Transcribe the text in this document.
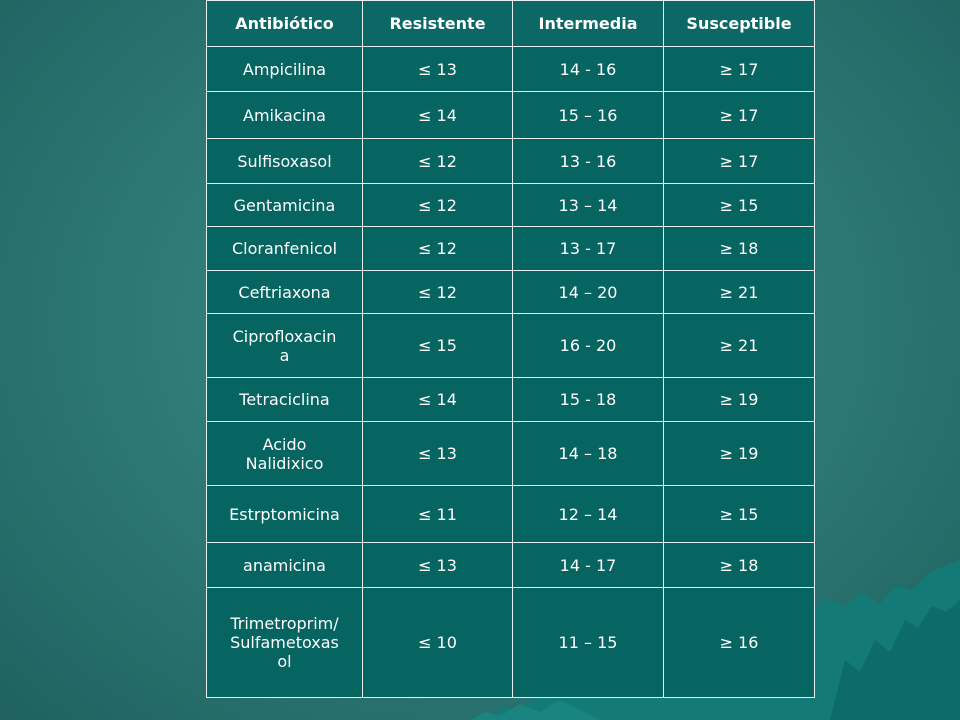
Antibiótico	Resistente	Intermedia	Susceptible
Ampicilina	≤ 13	14 - 16	≥ 17
Amikacina	≤ 14	15 – 16	≥ 17
Sulfisoxasol	≤ 12	13 - 16	≥ 17
Gentamicina	≤ 12	13 – 14	≥ 15
Cloranfenicol	≤ 12	13 - 17	≥ 18
Ceftriaxona	≤ 12	14 – 20	≥ 21
Ciprofloxacin
a	≤ 15	16 - 20	≥ 21
Tetraciclina	≤ 14	15 - 18	≥ 19
Acido
Nalidixico	≤ 13	14 – 18	≥ 19
Estrptomicina	≤ 11	12 – 14	≥ 15
anamicina	≤ 13	14 - 17	≥ 18
Trimetroprim/
Sulfametoxas
ol	≤ 10	11 – 15	≥ 16
